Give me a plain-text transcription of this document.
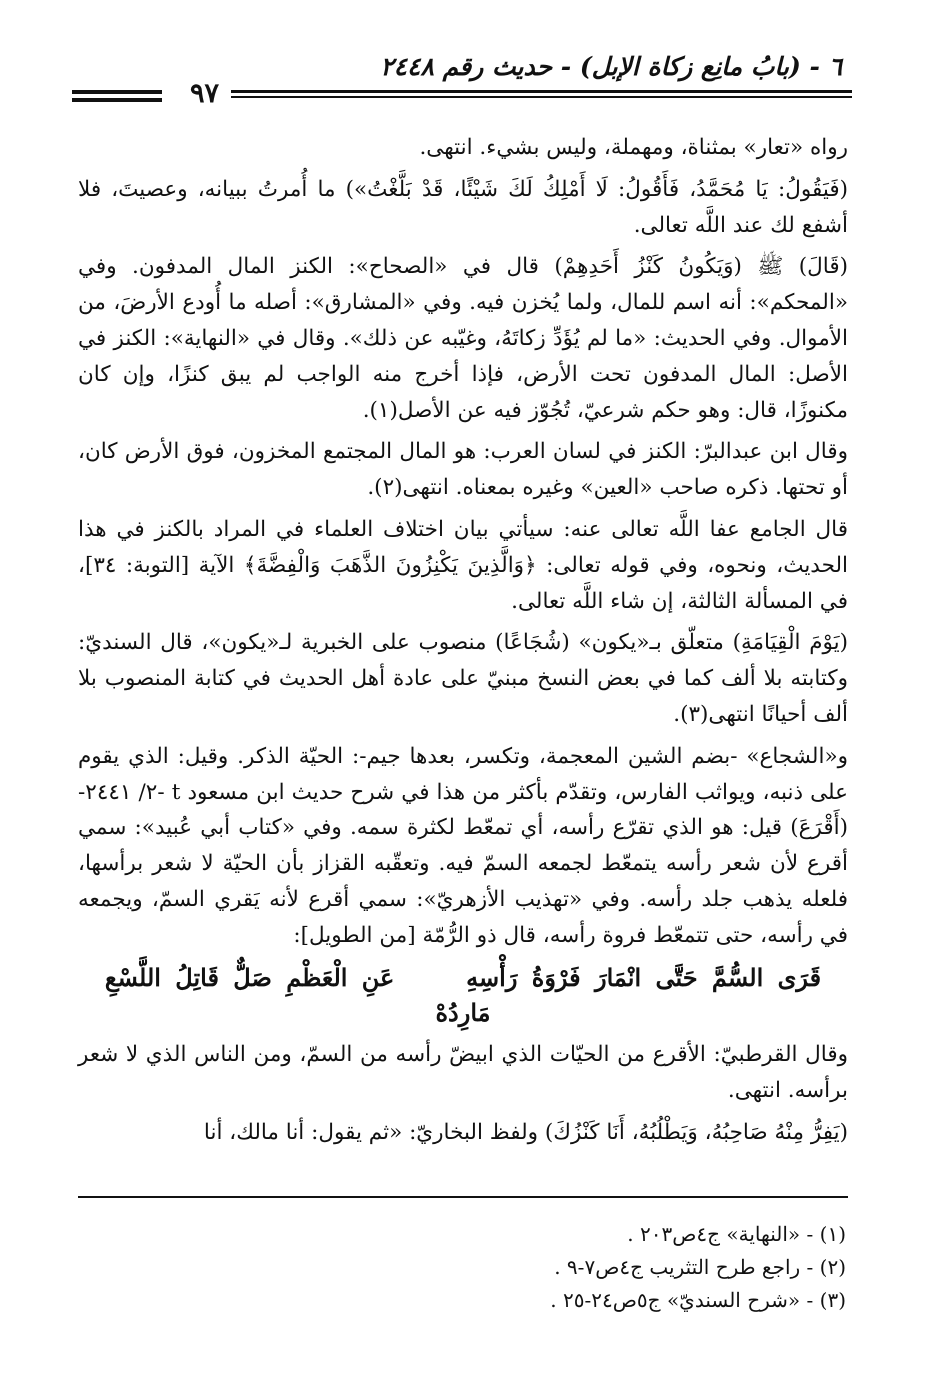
٦ - (بابُ مانِع زكاة الإبل) - حديث رقم ٢٤٤٨
٩٧

رواه «تعار» بمثناة، ومهملة، وليس بشيء. انتهى.

(فَيَقُولُ: يَا مُحَمَّدُ، فَأَقُولُ: لَا أَمْلِكُ لَكَ شَيْئًا، قَدْ بَلَّغْتُ») ما أُمرتُ ببيانه، وعصيتَ، فلا أشفع لك عند اللَّه تعالى.

(قَالَ) ﷺ (وَيَكُونُ كَنْزُ أَحَدِهِمْ) قال في «الصحاح»: الكنز المال المدفون. وفي «المحكم»: أنه اسم للمال، ولما يُخزن فيه. وفي «المشارق»: أصله ما أُودع الأرضَ، من الأموال. وفي الحديث: «ما لم يُؤَدِّ زكاتَهُ، وغيّبه عن ذلك». وقال في «النهاية»: الكنز في الأصل: المال المدفون تحت الأرض، فإذا أخرج منه الواجب لم يبق كنزًا، وإن كان مكنوزًا، قال: وهو حكم شرعيّ، تُجُوّز فيه عن الأصل(١).

وقال ابن عبدالبرّ: الكنز في لسان العرب: هو المال المجتمع المخزون، فوق الأرض كان، أو تحتها. ذكره صاحب «العين» وغيره بمعناه. انتهى(٢).

قال الجامع عفا اللَّه تعالى عنه: سيأتي بيان اختلاف العلماء في المراد بالكنز في هذا الحديث، ونحوه، وفي قوله تعالى: ﴿وَالَّذِينَ يَكْنِزُونَ الذَّهَبَ وَالْفِضَّةَ﴾ الآية [التوبة: ٣٤]، في المسألة الثالثة، إن شاء اللَّه تعالى.

(يَوْمَ الْقِيَامَةِ) متعلّق بـ«يكون» (شُجَاعًا) منصوب على الخبرية لـ«يكون»، قال السنديّ: وكتابته بلا ألف كما في بعض النسخ مبنيّ على عادة أهل الحديث في كتابة المنصوب بلا ألف أحيانًا انتهى(٣).

و«الشجاع» -بضم الشين المعجمة، وتكسر، بعدها جيم-: الحيّة الذكر. وقيل: الذي يقوم على ذنبه، ويواثب الفارس، وتقدّم بأكثر من هذا في شرح حديث ابن مسعود t -٢/ ٢٤٤١- (أَقْرَعَ) قيل: هو الذي تقرّع رأسه، أي تمعّط لكثرة سمه. وفي «كتاب أبي عُبيد»: سمي أقرع لأن شعر رأسه يتمعّط لجمعه السمّ فيه. وتعقّبه القزاز بأن الحيّة لا شعر برأسها، فلعله يذهب جلد رأسه. وفي «تهذيب الأزهريّ»: سمي أقرع لأنه يَقري السمّ، ويجمعه في رأسه، حتى تتمعّط فروة رأسه، قال ذو الرُّمّة [من الطويل]:

قَرَى السُّمَّ حَتَّى انْمَارَ فَرْوَةُ رَأْسِهِ     عَنِ الْعَظْمِ صَلٌّ قَاتِلُ اللَّسْعِ مَارِدُهْ

وقال القرطبيّ: الأقرع من الحيّات الذي ابيضّ رأسه من السمّ، ومن الناس الذي لا شعر برأسه. انتهى.

(يَفِرُّ مِنْهُ صَاحِبُهُ، وَيَطْلُبُهُ، أَنَا كَنْزُكَ) ولفظ البخاريّ: «ثم يقول: أنا مالك، أنا

(١) - «النهاية» ج٤ص٢٠٣ .
(٢) - راجع طرح التثريب ج٤ص٧-٩ .
(٣) - «شرح السنديّ» ج٥ص٢٤-٢٥ .
